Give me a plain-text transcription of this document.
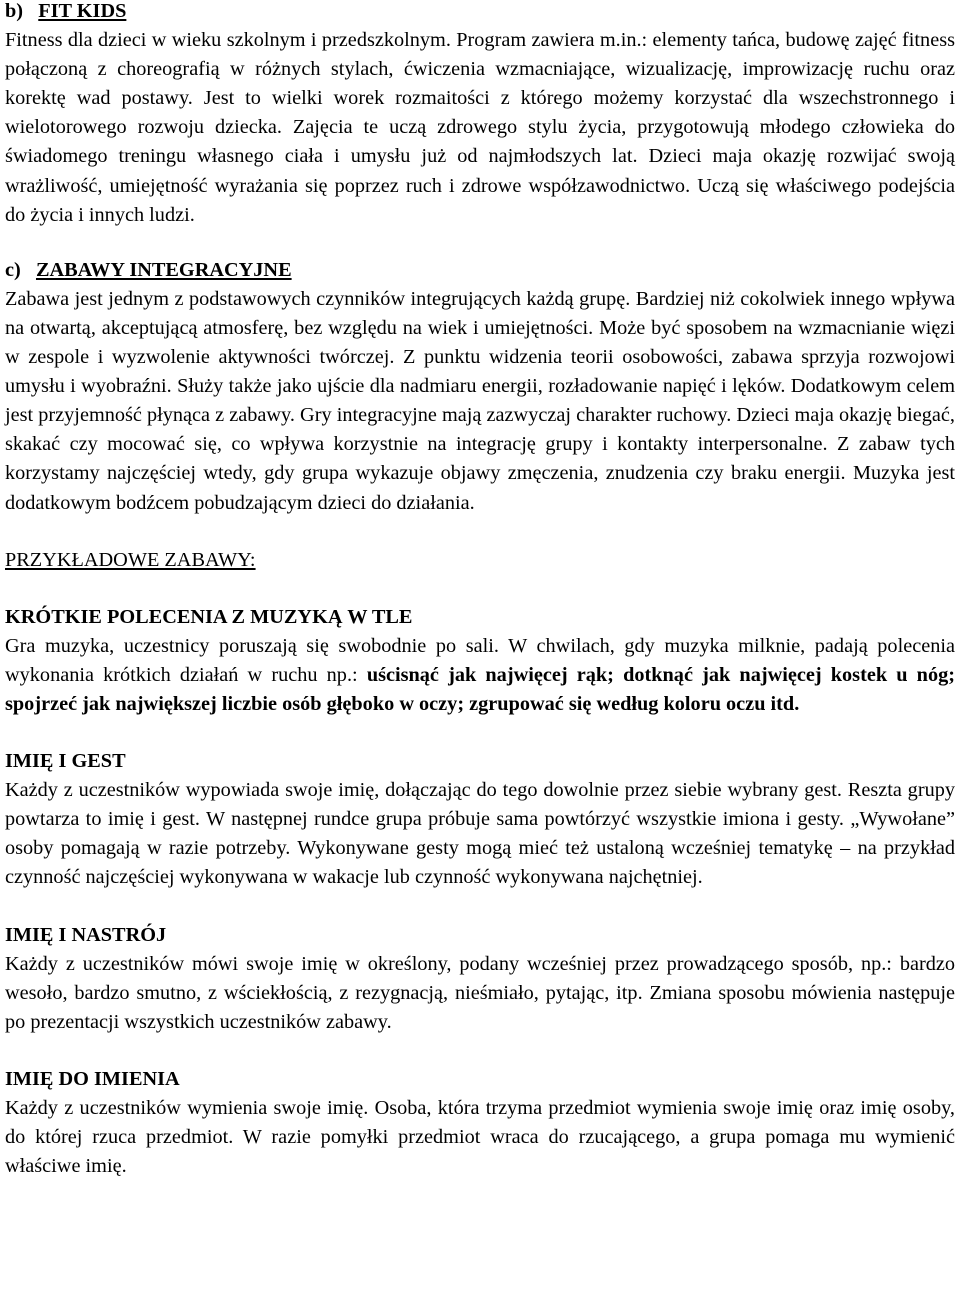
b) FIT KIDS

Fitness dla dzieci w wieku szkolnym i przedszkolnym. Program zawiera m.in.: elementy tańca, budowę zajęć fitness połączoną z choreografią w różnych stylach, ćwiczenia wzmacniające, wizualizację, improwizację ruchu oraz korektę wad postawy. Jest to wielki worek rozmaitości z którego możemy korzystać dla wszechstronnego i wielotorowego rozwoju dziecka. Zajęcia te uczą zdrowego stylu życia, przygotowują młodego człowieka do świadomego treningu własnego ciała i umysłu już od najmłodszych lat. Dzieci maja okazję rozwijać swoją wrażliwość, umiejętność wyrażania się poprzez ruch i zdrowe współzawodnictwo. Uczą się właściwego podejścia do życia i innych ludzi.

c) ZABAWY INTEGRACYJNE

Zabawa jest jednym z podstawowych czynników integrujących każdą grupę. Bardziej niż cokolwiek innego wpływa na otwartą, akceptującą atmosferę, bez względu na wiek i umiejętności. Może być sposobem na wzmacnianie więzi w zespole i wyzwolenie aktywności twórczej. Z punktu widzenia teorii osobowości, zabawa sprzyja rozwojowi umysłu i wyobraźni. Służy także jako ujście dla nadmiaru energii, rozładowanie napięć i lęków. Dodatkowym celem jest przyjemność płynąca z zabawy. Gry integracyjne mają zazwyczaj charakter ruchowy. Dzieci maja okazję biegać, skakać czy mocować się, co wpływa korzystnie na integrację grupy i kontakty interpersonalne. Z zabaw tych korzystamy najczęściej wtedy, gdy grupa wykazuje objawy zmęczenia, znudzenia czy braku energii. Muzyka jest dodatkowym bodźcem pobudzającym dzieci do działania.

PRZYKŁADOWE ZABAWY:

KRÓTKIE POLECENIA Z MUZYKĄ W TLE

Gra muzyka, uczestnicy poruszają się swobodnie po sali. W chwilach, gdy muzyka milknie, padają polecenia wykonania krótkich działań w ruchu np.: uścisnąć jak najwięcej rąk; dotknąć jak najwięcej kostek u nóg; spojrzeć jak największej liczbie osób głęboko w oczy; zgrupować się według koloru oczu itd.

IMIĘ I GEST

Każdy z uczestników wypowiada swoje imię, dołączając do tego dowolnie przez siebie wybrany gest. Reszta grupy powtarza to imię i gest. W następnej rundce grupa próbuje sama powtórzyć wszystkie imiona i gesty. „Wywołane” osoby pomagają w razie potrzeby. Wykonywane gesty mogą mieć też ustaloną wcześniej tematykę – na przykład czynność najczęściej wykonywana w wakacje lub czynność wykonywana najchętniej.

IMIĘ I NASTRÓJ

Każdy z uczestników mówi swoje imię w określony, podany wcześniej przez prowadzącego sposób, np.: bardzo wesoło, bardzo smutno, z wściekłością, z rezygnacją, nieśmiało, pytając, itp. Zmiana sposobu mówienia następuje po prezentacji wszystkich uczestników zabawy.

IMIĘ DO IMIENIA

Każdy z uczestników wymienia swoje imię. Osoba, która trzyma przedmiot wymienia swoje imię oraz imię osoby, do której rzuca przedmiot. W razie pomyłki przedmiot wraca do rzucającego, a grupa pomaga mu wymienić właściwe imię.
